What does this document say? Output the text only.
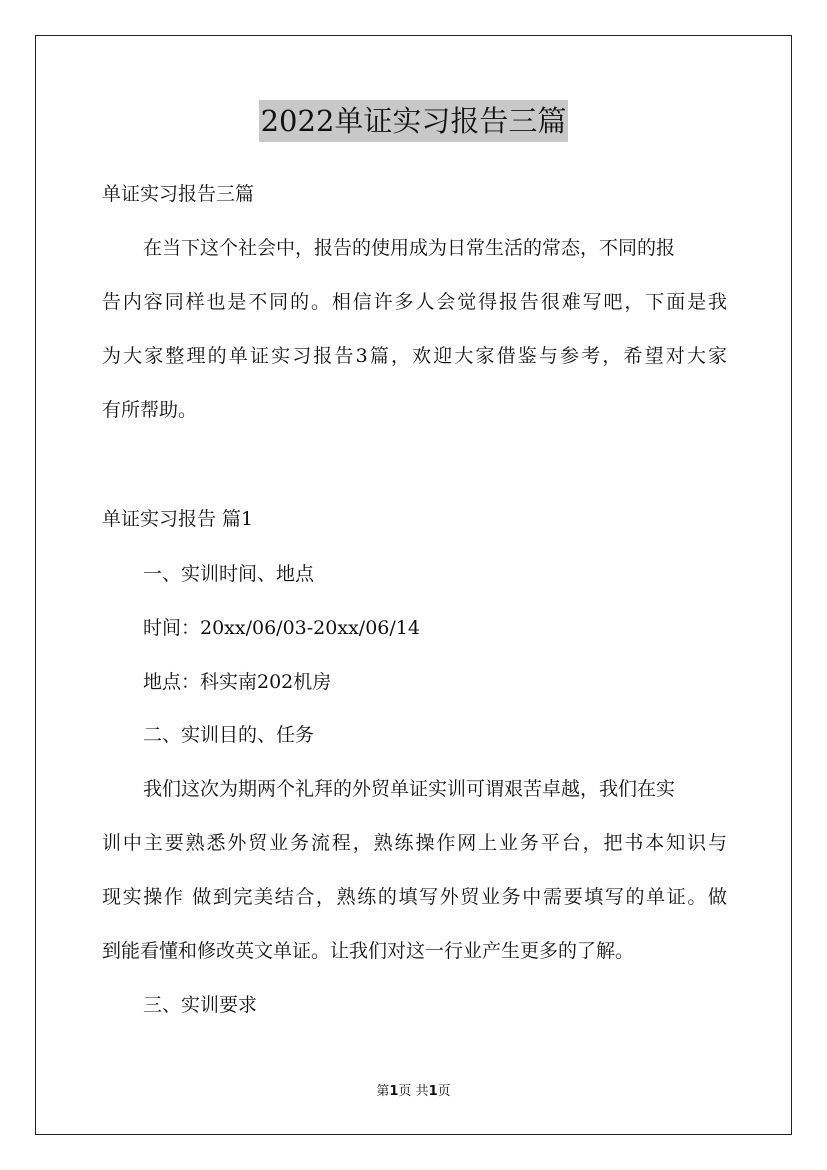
2022单证实习报告三篇
单证实习报告三篇
在当下这个社会中，报告的使用成为日常生活的常态，不同的报
告内容同样也是不同的。相信许多人会觉得报告很难写吧，下面是我
为大家整理的单证实习报告3篇，欢迎大家借鉴与参考，希望对大家
有所帮助。
单证实习报告 篇1
一、实训时间、地点
时间：20xx/06/03-20xx/06/14
地点：科实南202机房
二、实训目的、任务
我们这次为期两个礼拜的外贸单证实训可谓艰苦卓越，我们在实
训中主要熟悉外贸业务流程，熟练操作网上业务平台，把书本知识与
现实操作 做到完美结合，熟练的填写外贸业务中需要填写的单证。做
到能看懂和修改英文单证。让我们对这一行业产生更多的了解。
三、实训要求
第1页 共1页
